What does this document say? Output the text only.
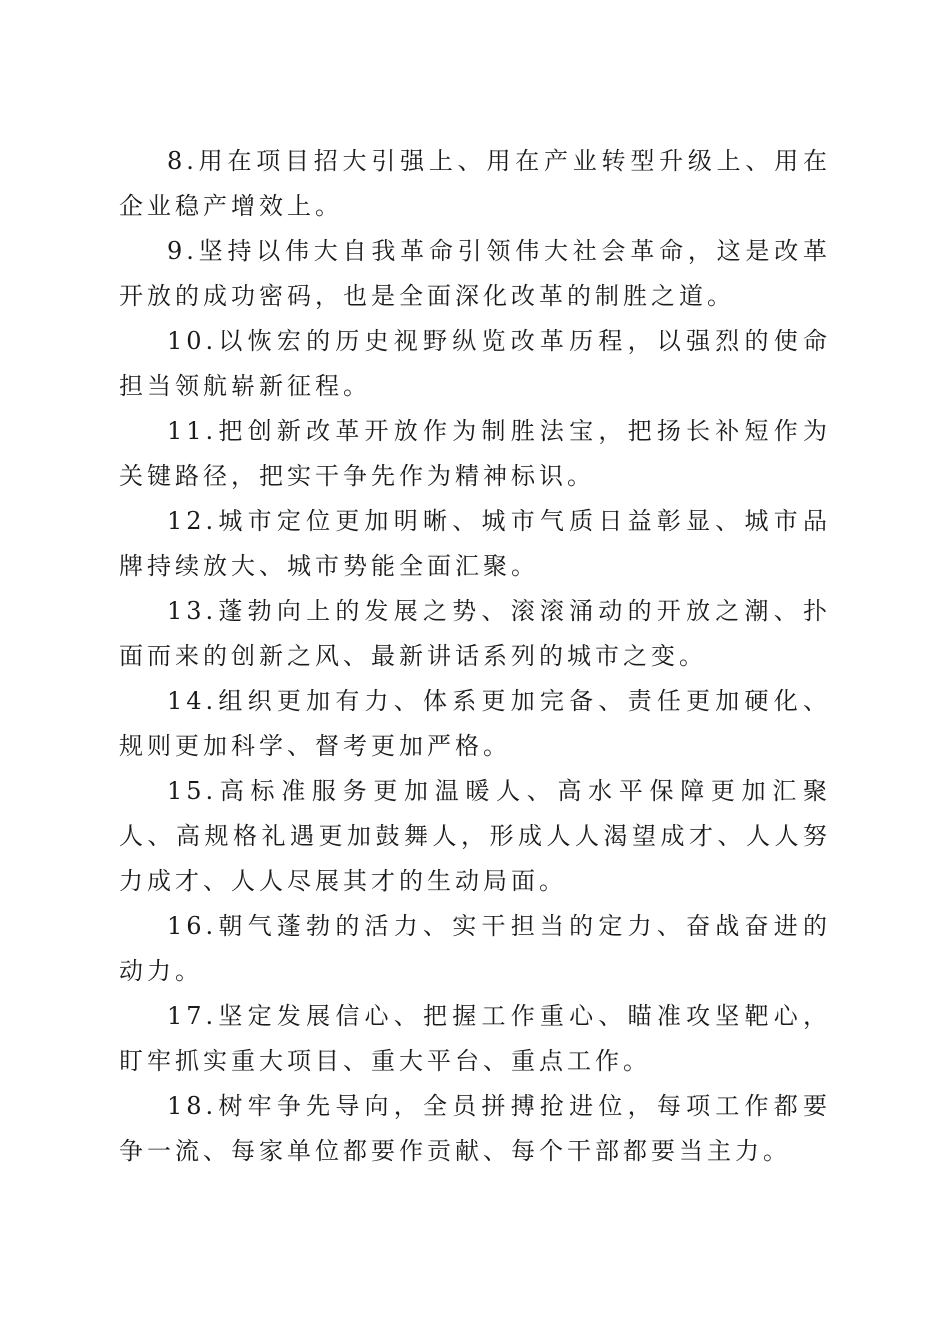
8.用在项目招大引强上、用在产业转型升级上、用在企业稳产增效上。

9.坚持以伟大自我革命引领伟大社会革命，这是改革开放的成功密码，也是全面深化改革的制胜之道。

10.以恢宏的历史视野纵览改革历程，以强烈的使命担当领航崭新征程。

11.把创新改革开放作为制胜法宝，把扬长补短作为关键路径，把实干争先作为精神标识。

12.城市定位更加明晰、城市气质日益彰显、城市品牌持续放大、城市势能全面汇聚。

13.蓬勃向上的发展之势、滚滚涌动的开放之潮、扑面而来的创新之风、最新讲话系列的城市之变。

14.组织更加有力、体系更加完备、责任更加硬化、规则更加科学、督考更加严格。

15.高标准服务更加温暖人、高水平保障更加汇聚人、高规格礼遇更加鼓舞人，形成人人渴望成才、人人努力成才、人人尽展其才的生动局面。

16.朝气蓬勃的活力、实干担当的定力、奋战奋进的动力。

17.坚定发展信心、把握工作重心、瞄准攻坚靶心，盯牢抓实重大项目、重大平台、重点工作。

18.树牢争先导向，全员拼搏抢进位，每项工作都要争一流、每家单位都要作贡献、每个干部都要当主力。
